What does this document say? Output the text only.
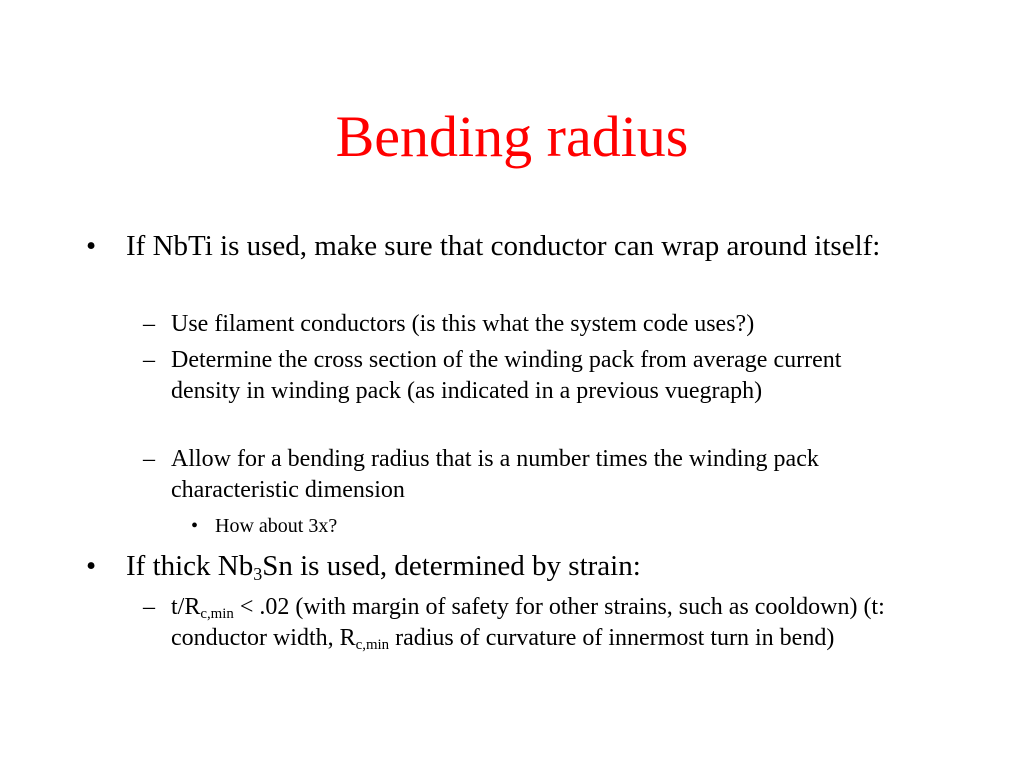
Bending radius
• If NbTi is used, make sure that conductor can wrap around itself:
– Use filament conductors (is this what the system code uses?)
– Determine the cross section of the winding pack from average current density in winding pack (as indicated in a previous vuegraph)
– Allow for a bending radius that is a number times the winding pack characteristic dimension
• How about 3x?
• If thick $Nb_3Sn$ is used, determined by strain:
– $t/R_{c,min} < .02$ (with margin of safety for other strains, such as cooldown) (t: conductor width, $R_{c,min}$ radius of curvature of innermost turn in bend)
